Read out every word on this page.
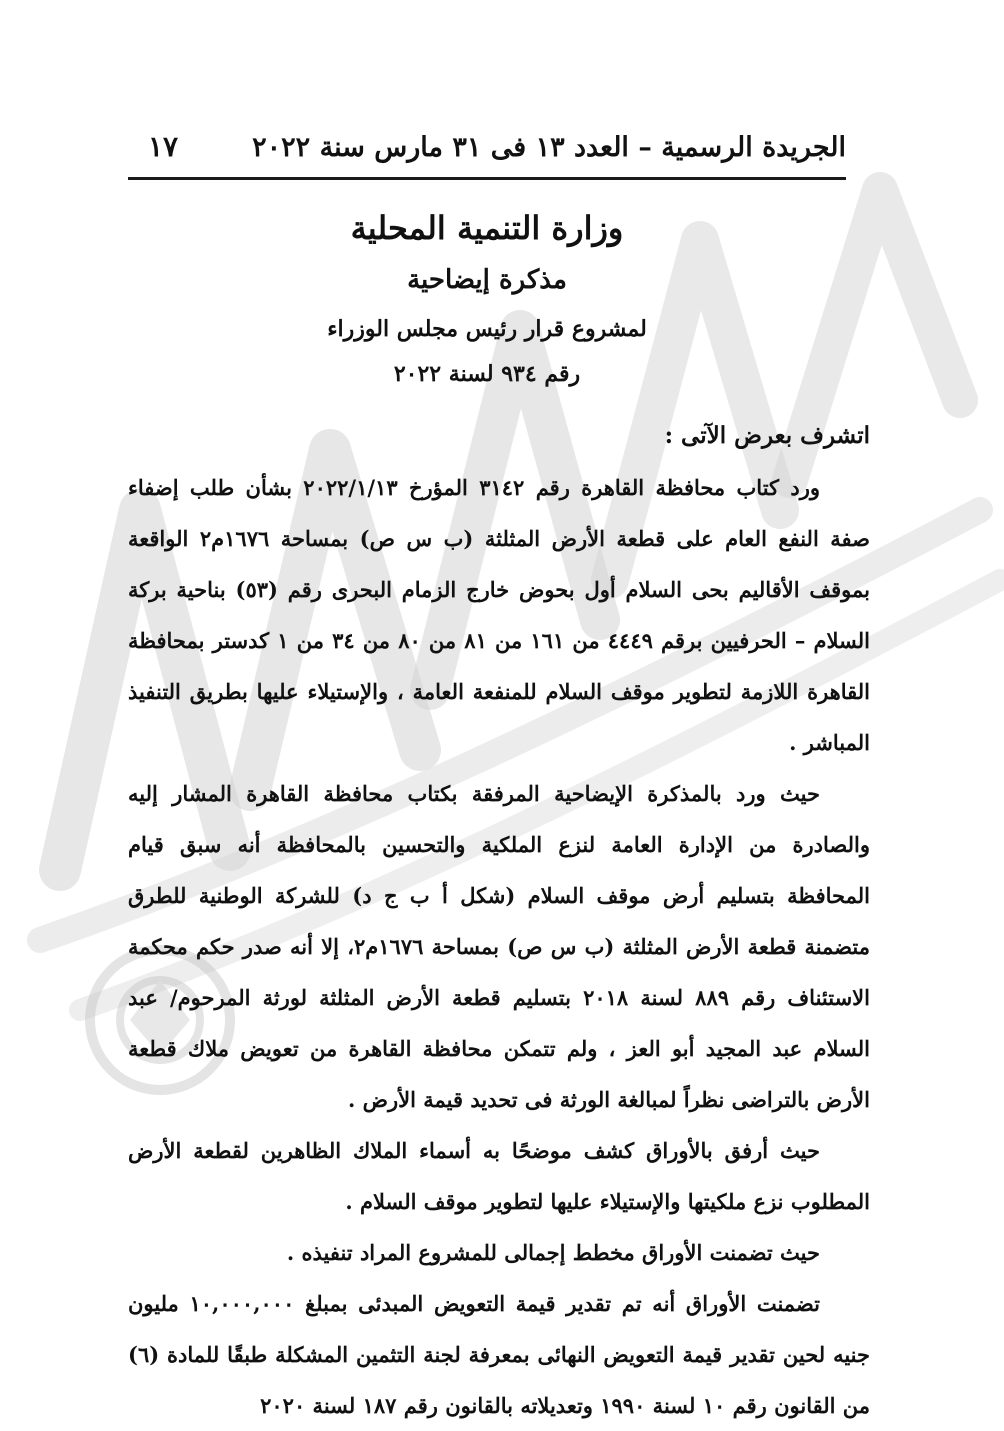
الجريدة الرسمية – العدد ١٣ فى ٣١ مارس سنة ٢٠٢٢
١٧
وزارة التنمية المحلية
مذكرة إيضاحية
لمشروع قرار رئيس مجلس الوزراء
رقم ٩٣٤ لسنة ٢٠٢٢
اتشرف بعرض الآتى :

ورد كتاب محافظة القاهرة رقم ٣١٤٢ المؤرخ ٢٠٢٢/١/١٣ بشأن طلب إضفاء صفة النفع العام على قطعة الأرض المثلثة (ب س ص) بمساحة ١٦٧٦م٢ الواقعة بموقف الأقاليم بحى السلام أول بحوض خارج الزمام البحرى رقم (٥٣) بناحية بركة السلام – الحرفيين برقم ٤٤٤٩ من ١٦١ من ٨١ من ٨٠ من ٣٤ من ١ كدستر بمحافظة القاهرة اللازمة لتطوير موقف السلام للمنفعة العامة ، والإستيلاء عليها بطريق التنفيذ المباشر .

حيث ورد بالمذكرة الإيضاحية المرفقة بكتاب محافظة القاهرة المشار إليه والصادرة من الإدارة العامة لنزع الملكية والتحسين بالمحافظة أنه سبق قيام المحافظة بتسليم أرض موقف السلام (شكل أ ب ج د) للشركة الوطنية للطرق متضمنة قطعة الأرض المثلثة (ب س ص) بمساحة ١٦٧٦م٢، إلا أنه صدر حكم محكمة الاستئناف رقم ٨٨٩ لسنة ٢٠١٨ بتسليم قطعة الأرض المثلثة لورثة المرحوم/ عبد السلام عبد المجيد أبو العز ، ولم تتمكن محافظة القاهرة من تعويض ملاك قطعة الأرض بالتراضى نظراً لمبالغة الورثة فى تحديد قيمة الأرض .

حيث أرفق بالأوراق كشف موضحًا به أسماء الملاك الظاهرين لقطعة الأرض المطلوب نزع ملكيتها والإستيلاء عليها لتطوير موقف السلام .

حيث تضمنت الأوراق مخطط إجمالى للمشروع المراد تنفيذه .

تضمنت الأوراق أنه تم تقدير قيمة التعويض المبدئى بمبلغ ١٠,٠٠٠,٠٠٠ مليون جنيه لحين تقدير قيمة التعويض النهائى بمعرفة لجنة التثمين المشكلة طبقًا للمادة (٦) من القانون رقم ١٠ لسنة ١٩٩٠ وتعديلاته بالقانون رقم ١٨٧ لسنة ٢٠٢٠
